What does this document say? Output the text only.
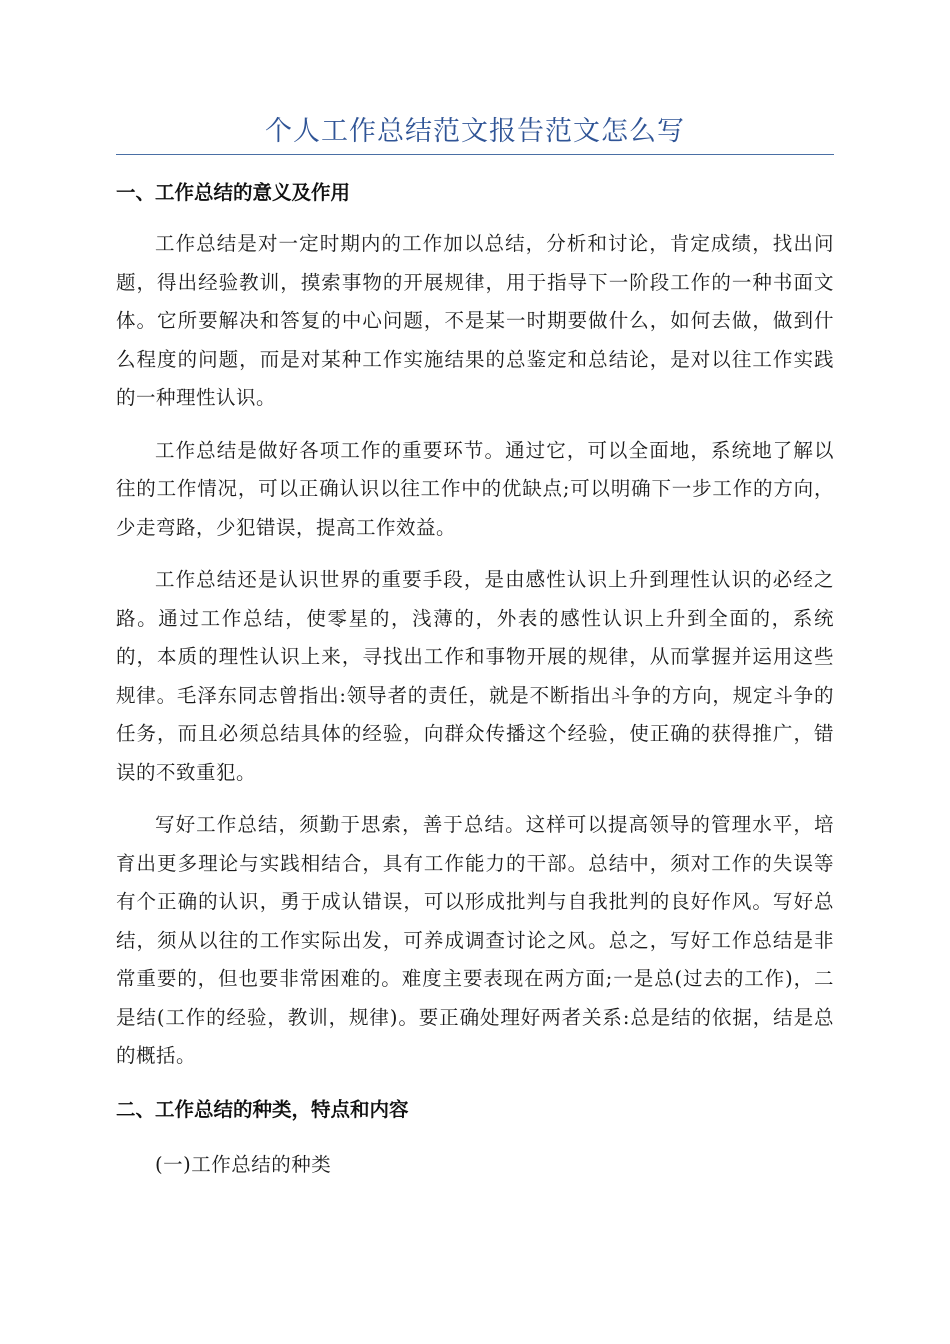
个人工作总结范文报告范文怎么写
一、工作总结的意义及作用

工作总结是对一定时期内的工作加以总结，分析和讨论，肯定成绩，找出问题，得出经验教训，摸索事物的开展规律，用于指导下一阶段工作的一种书面文体。它所要解决和答复的中心问题，不是某一时期要做什么，如何去做，做到什么程度的问题，而是对某种工作实施结果的总鉴定和总结论，是对以往工作实践的一种理性认识。

工作总结是做好各项工作的重要环节。通过它，可以全面地，系统地了解以往的工作情况，可以正确认识以往工作中的优缺点;可以明确下一步工作的方向，少走弯路，少犯错误，提高工作效益。

工作总结还是认识世界的重要手段，是由感性认识上升到理性认识的必经之路。通过工作总结，使零星的，浅薄的，外表的感性认识上升到全面的，系统的，本质的理性认识上来，寻找出工作和事物开展的规律，从而掌握并运用这些规律。毛泽东同志曾指出:领导者的责任，就是不断指出斗争的方向，规定斗争的任务，而且必须总结具体的经验，向群众传播这个经验，使正确的获得推广，错误的不致重犯。

写好工作总结，须勤于思索，善于总结。这样可以提高领导的管理水平，培育出更多理论与实践相结合，具有工作能力的干部。总结中，须对工作的失误等有个正确的认识，勇于成认错误，可以形成批判与自我批判的良好作风。写好总结，须从以往的工作实际出发，可养成调查讨论之风。总之，写好工作总结是非常重要的，但也要非常困难的。难度主要表现在两方面;一是总(过去的工作)，二是结(工作的经验，教训，规律)。要正确处理好两者关系:总是结的依据，结是总的概括。

二、工作总结的种类，特点和内容

(一)工作总结的种类
